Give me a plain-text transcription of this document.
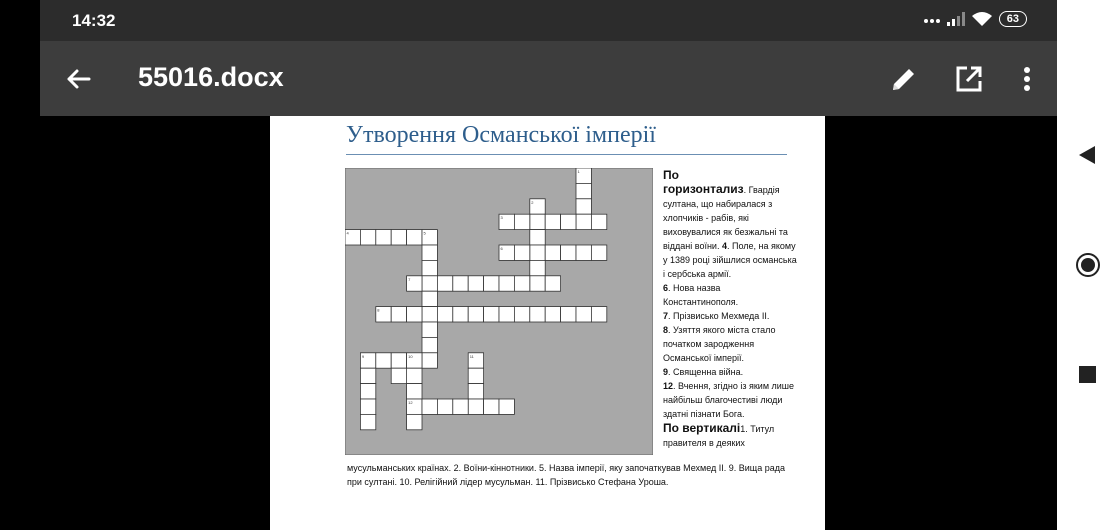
14:32	63
55016.docx
Утворення Османської імперії
1
2
3
4	5
6
7
8
9	10	11
12
По
горизонтализ. Гвардія султана, що набиралася з хлопчиків - рабів, які виховувалися як безжальні та віддані воїни. 4. Поле, на якому у 1389 році зійшлися османська і сербська армії.
6. Нова назва Константинополя.
7. Прізвисько Мехмеда II.
8. Узяття якого міста стало початком зародження Османської імперії.
9. Священна війна.
12. Вчення, згідно із яким лише найбільш благочестиві люди здатні пізнати Бога.
По вертикалі1. Титул правителя в деяких
мусульманських країнах. 2. Воїни-кіннотники. 5. Назва імперії, яку започаткував Мехмед II. 9. Вища рада при султані. 10. Релігійний лідер мусульман. 11. Прізвисько Стефана Уроша.
